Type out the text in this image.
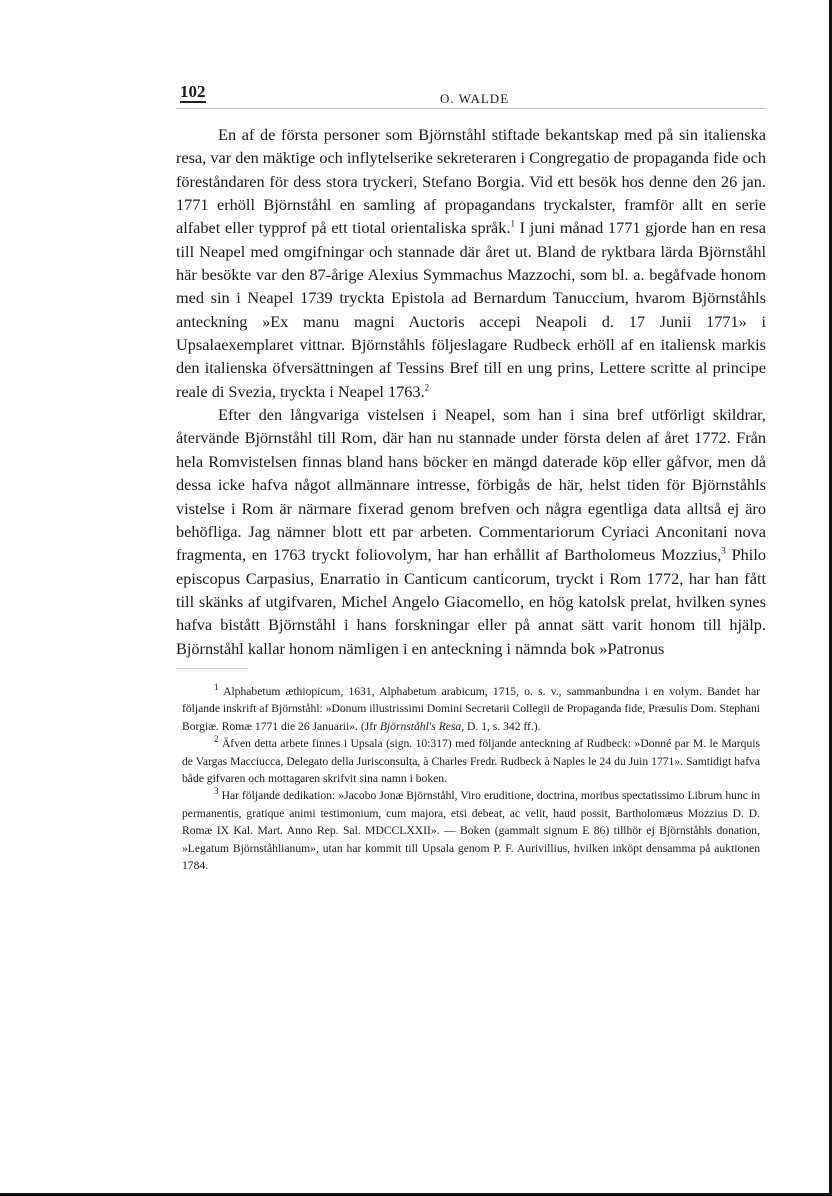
102	O. WALDE

En af de första personer som Björnståhl stiftade bekantskap med på sin italienska resa, var den mäktige och inflytelserike sekreteraren i Congregatio de propaganda fide och föreståndaren för dess stora tryckeri, Stefano Borgia. Vid ett besök hos denne den 26 jan. 1771 erhöll Björnståhl en samling af propagandans tryckalster, framför allt en serie alfabet eller typprof på ett tiotal orientaliska språk.$^1$ I juni månad 1771 gjorde han en resa till Neapel med omgifningar och stannade där året ut. Bland de ryktbara lärda Björnståhl här besökte var den 87-årige Alexius Symmachus Mazzochi, som bl. a. begåfvade honom med sin i Neapel 1739 tryckta Epistola ad Bernardum Tanuccium, hvarom Björnståhls anteckning »Ex manu magni Auctoris accepi Neapoli d. 17 Junii 1771» i Upsalaexemplaret vittnar. Björnståhls följeslagare Rudbeck erhöll af en italiensk markis den italienska öfversättningen af Tessins Bref till en ung prins, Lettere scritte al principe reale di Svezia, tryckta i Neapel 1763.$^2$

Efter den långvariga vistelsen i Neapel, som han i sina bref utförligt skildrar, återvände Björnståhl till Rom, där han nu stannade under första delen af året 1772. Från hela Romvistelsen finnas bland hans böcker en mängd daterade köp eller gåfvor, men då dessa icke hafva något allmännare intresse, förbigås de här, helst tiden för Björnståhls vistelse i Rom är närmare fixerad genom brefven och några egentliga data alltså ej äro behöfliga. Jag nämner blott ett par arbeten. Commentariorum Cyriaci Anconitani nova fragmenta, en 1763 tryckt foliovolym, har han erhållit af Bartholomeus Mozzius,$^3$ Philo episcopus Carpasius, Enarratio in Canticum canticorum, tryckt i Rom 1772, har han fått till skänks af utgifvaren, Michel Angelo Giacomello, en hög katolsk prelat, hvilken synes hafva bistått Björnståhl i hans forskningar eller på annat sätt varit honom till hjälp. Björnståhl kallar honom nämligen i en anteckning i nämnda bok »Patronus

$^1$ Alphabetum æthiopicum, 1631, Alphabetum arabicum, 1715, o. s. v., sammanbundna i en volym. Bandet har följande inskrift af Björnståhl: »Donum illustrissimi Domini Secretarii Collegii de Propaganda fide, Præsulis Dom. Stephani Borgiæ. Romæ 1771 die 26 Januarii». (Jfr Björnståhl's Resa, D. 1, s. 342 ff.).

$^2$ Äfven detta arbete finnes i Upsala (sign. 10:317) med följande anteckning af Rudbeck: »Donné par M. le Marquis de Vargas Macciucca, Delegato della Jurisconsulta, à Charles Fredr. Rudbeck à Naples le 24 du Juin 1771». Samtidigt hafva både gifvaren och mottagaren skrifvit sina namn i boken.

$^3$ Har följande dedikation: »Jacobo Jonæ Björnståhl, Viro eruditione, doctrina, moribus spectatissimo Librum hunc in permanentis, gratique animi testimonium, cum majora, etsi debeat, ac velit, haud possit, Bartholomæus Mozzius D. D. Romæ IX Kal. Mart. Anno Rep. Sal. MDCCLXXII». — Boken (gammalt signum E 86) tillhör ej Björnståhls donation, »Legatum Björnståhlianum», utan har kommit till Upsala genom P. F. Aurivillius, hvilken inköpt densamma på auktionen 1784.
